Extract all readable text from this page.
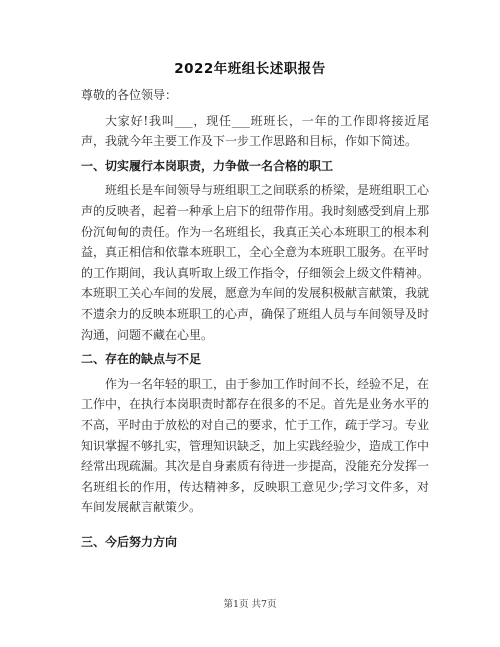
2022年班组长述职报告

尊敬的各位领导：

大家好!我叫___，现任___班班长，一年的工作即将接近尾声，我就今年主要工作及下一步工作思路和目标，作如下简述。

一、切实履行本岗职责，力争做一名合格的职工

班组长是车间领导与班组职工之间联系的桥梁，是班组职工心声的反映者，起着一种承上启下的纽带作用。我时刻感受到肩上那份沉甸甸的责任。作为一名班组长，我真正关心本班职工的根本利益，真正相信和依靠本班职工，全心全意为本班职工服务。在平时的工作期间，我认真听取上级工作指令，仔细领会上级文件精神。本班职工关心车间的发展，愿意为车间的发展积极献言献策，我就不遗余力的反映本班职工的心声，确保了班组人员与车间领导及时沟通，问题不藏在心里。

二、存在的缺点与不足

作为一名年轻的职工，由于参加工作时间不长，经验不足，在工作中，在执行本岗职责时都存在很多的不足。首先是业务水平的不高，平时由于放松的对自己的要求，忙于工作，疏于学习。专业知识掌握不够扎实，管理知识缺乏，加上实践经验少，造成工作中经常出现疏漏。其次是自身素质有待进一步提高，没能充分发挥一名班组长的作用，传达精神多，反映职工意见少;学习文件多，对车间发展献言献策少。

三、今后努力方向

第1页 共7页
